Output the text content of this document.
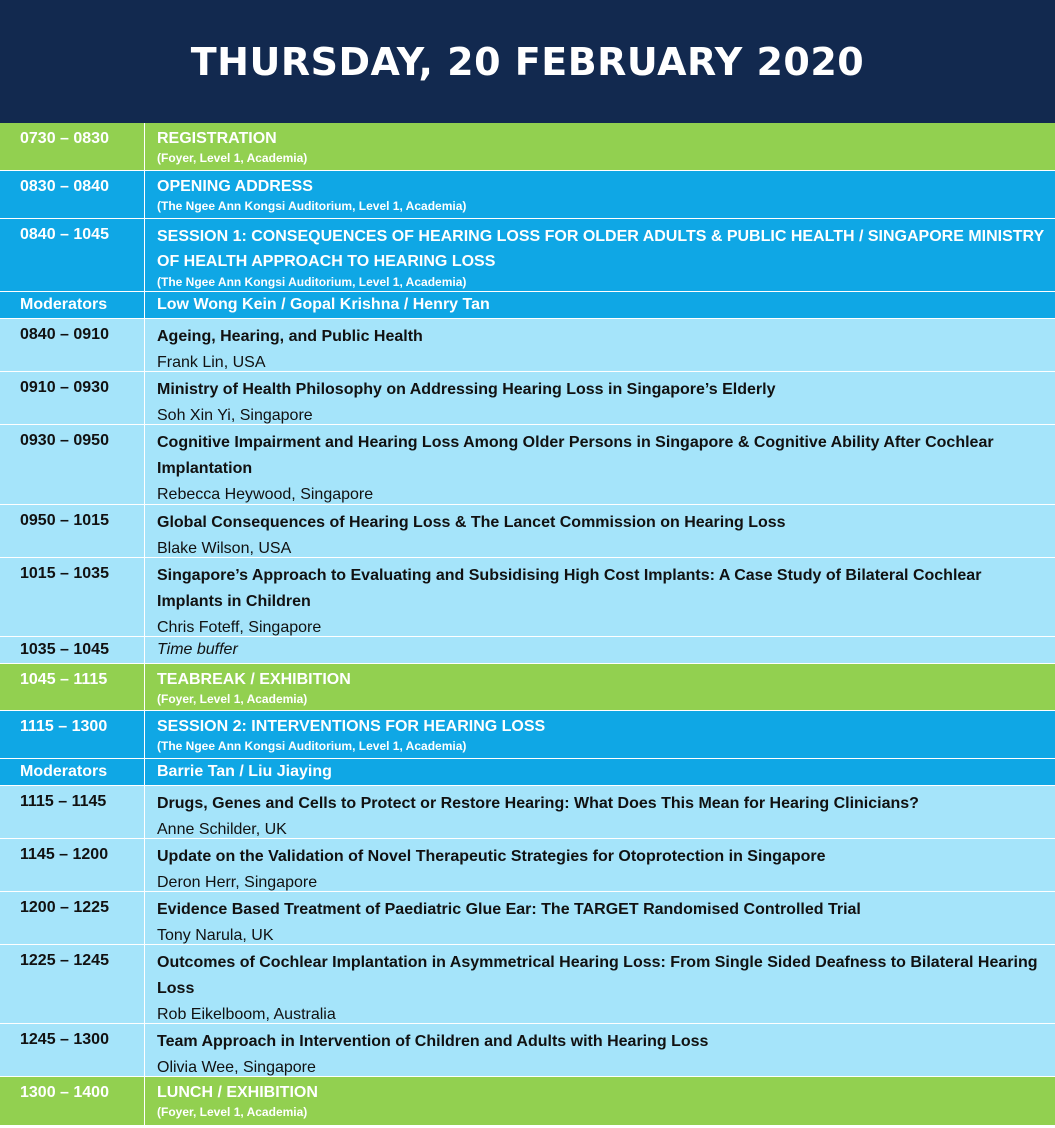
THURSDAY, 20 FEBRUARY 2020
0730 – 0830	REGISTRATION
(Foyer, Level 1, Academia)
0830 – 0840	OPENING ADDRESS
(The Ngee Ann Kongsi Auditorium, Level 1, Academia)
0840 – 1045	SESSION 1: CONSEQUENCES OF HEARING LOSS FOR OLDER ADULTS & PUBLIC HEALTH / SINGAPORE MINISTRY OF HEALTH APPROACH TO HEARING LOSS
(The Ngee Ann Kongsi Auditorium, Level 1, Academia)
Moderators	Low Wong Kein / Gopal Krishna / Henry Tan
0840 – 0910	Ageing, Hearing, and Public Health
Frank Lin, USA
0910 – 0930	Ministry of Health Philosophy on Addressing Hearing Loss in Singapore’s Elderly
Soh Xin Yi, Singapore
0930 – 0950	Cognitive Impairment and Hearing Loss Among Older Persons in Singapore & Cognitive Ability After Cochlear Implantation
Rebecca Heywood, Singapore
0950 – 1015	Global Consequences of Hearing Loss & The Lancet Commission on Hearing Loss
Blake Wilson, USA
1015 – 1035	Singapore’s Approach to Evaluating and Subsidising High Cost Implants: A Case Study of Bilateral Cochlear Implants in Children
Chris Foteff, Singapore
1035 – 1045	Time buffer
1045 – 1115	TEABREAK / EXHIBITION
(Foyer, Level 1, Academia)
1115 – 1300	SESSION 2: INTERVENTIONS FOR HEARING LOSS
(The Ngee Ann Kongsi Auditorium, Level 1, Academia)
Moderators	Barrie Tan / Liu Jiaying
1115 – 1145	Drugs, Genes and Cells to Protect or Restore Hearing: What Does This Mean for Hearing Clinicians?
Anne Schilder, UK
1145 – 1200	Update on the Validation of Novel Therapeutic Strategies for Otoprotection in Singapore
Deron Herr, Singapore
1200 – 1225	Evidence Based Treatment of Paediatric Glue Ear: The TARGET Randomised Controlled Trial
Tony Narula, UK
1225 – 1245	Outcomes of Cochlear Implantation in Asymmetrical Hearing Loss: From Single Sided Deafness to Bilateral Hearing Loss
Rob Eikelboom, Australia
1245 – 1300	Team Approach in Intervention of Children and Adults with Hearing Loss
Olivia Wee, Singapore
1300 – 1400	LUNCH / EXHIBITION
(Foyer, Level 1, Academia)
